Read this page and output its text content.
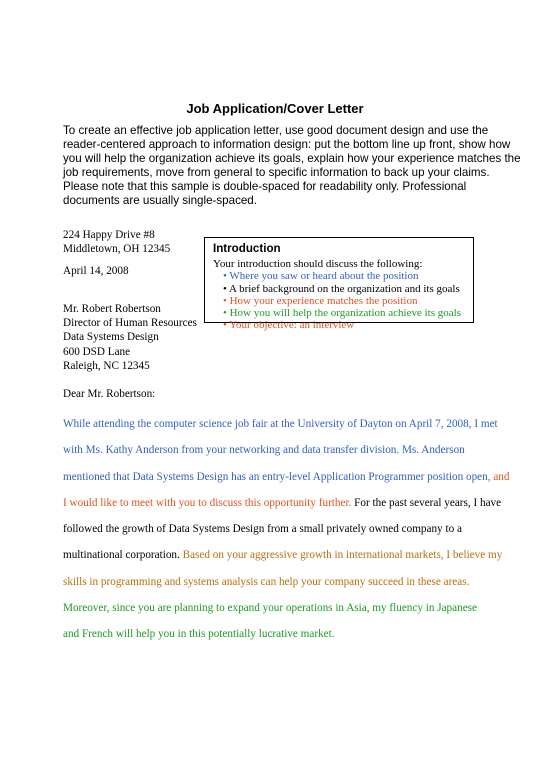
Job Application/Cover Letter
To create an effective job application letter, use good document design and use the
reader-centered approach to information design: put the bottom line up front, show how
you will help the organization achieve its goals, explain how your experience matches the
job requirements, move from general to specific information to back up your claims.
Please note that this sample is double-spaced for readability only. Professional
documents are usually single-spaced.
224 Happy Drive #8
Middletown, OH 12345
April 14, 2008
Mr. Robert Robertson
Director of Human Resources
Data Systems Design
600 DSD Lane
Raleigh, NC 12345
Introduction
Your introduction should discuss the following:
• Where you saw or heard about the position
• A brief background on the organization and its goals
• How your experience matches the position
• How you will help the organization achieve its goals
• Your objective: an interview
Dear Mr. Robertson:
While attending the computer science job fair at the University of Dayton on April 7, 2008, I met
with Ms. Kathy Anderson from your networking and data transfer division. Ms. Anderson
mentioned that Data Systems Design has an entry-level Application Programmer position open, and
I would like to meet with you to discuss this opportunity further. For the past several years, I have
followed the growth of Data Systems Design from a small privately owned company to a
multinational corporation. Based on your aggressive growth in international markets, I believe my
skills in programming and systems analysis can help your company succeed in these areas.
Moreover, since you are planning to expand your operations in Asia, my fluency in Japanese
and French will help you in this potentially lucrative market.
